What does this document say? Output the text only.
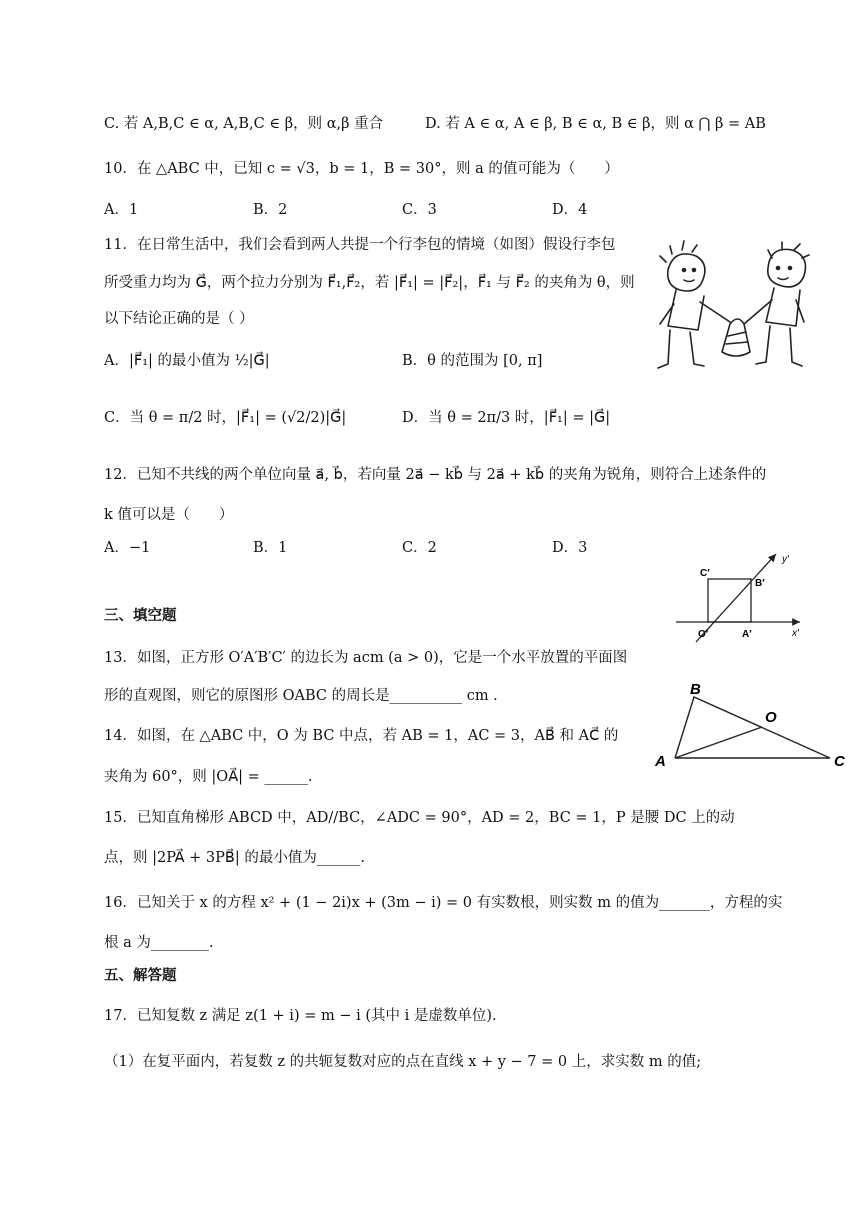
C. 若 A,B,C ∈ α, A,B,C ∈ β，则 α,β 重合	D. 若 A ∈ α, A ∈ β, B ∈ α, B ∈ β，则 α ⋂ β = AB
10．在 △ABC 中，已知 c = √3，b = 1，B = 30°，则 a 的值可能为（　　）
A．1	B．2	C．3	D．4
11．在日常生活中，我们会看到两人共提一个行李包的情境（如图）假设行李包
所受重力均为 G⃗，两个拉力分别为 F⃗₁,F⃗₂，若 |F⃗₁| = |F⃗₂|，F⃗₁ 与 F⃗₂ 的夹角为 θ，则
以下结论正确的是（ ）
A．|F⃗₁| 的最小值为 ½|G⃗|	B．θ 的范围为 [0, π]
C．当 θ = π/2 时，|F⃗₁| = (√2/2)|G⃗|	D．当 θ = 2π/3 时，|F⃗₁| = |G⃗|
12．已知不共线的两个单位向量 a⃗, b⃗，若向量 2a⃗ − kb⃗ 与 2a⃗ + kb⃗ 的夹角为锐角，则符合上述条件的
k 值可以是（　　）
A．−1	B．1	C．2	D．3
y′
x′
O′	A′
B′
C′
三、填空题
13．如图，正方形 O′A′B′C′ 的边长为 acm (a > 0)，它是一个水平放置的平面图
形的直观图，则它的原图形 OABC 的周长是__________ cm .	B
O
A	C
14．如图，在 △ABC 中，O 为 BC 中点，若 AB = 1，AC = 3，AB⃗ 和 AC⃗ 的
夹角为 60°，则 |OA⃗| = ______.
15．已知直角梯形 ABCD 中，AD//BC，∠ADC = 90°，AD = 2，BC = 1，P 是腰 DC 上的动
点，则 |2PA⃗ + 3PB⃗| 的最小值为______.
16．已知关于 x 的方程 x² + (1 − 2i)x + (3m − i) = 0 有实数根，则实数 m 的值为_______，方程的实
根 a 为________.
五、解答题
17．已知复数 z 满足 z(1 + i) = m − i (其中 i 是虚数单位).
（1）在复平面内，若复数 z 的共轭复数对应的点在直线 x + y − 7 = 0 上，求实数 m 的值;
